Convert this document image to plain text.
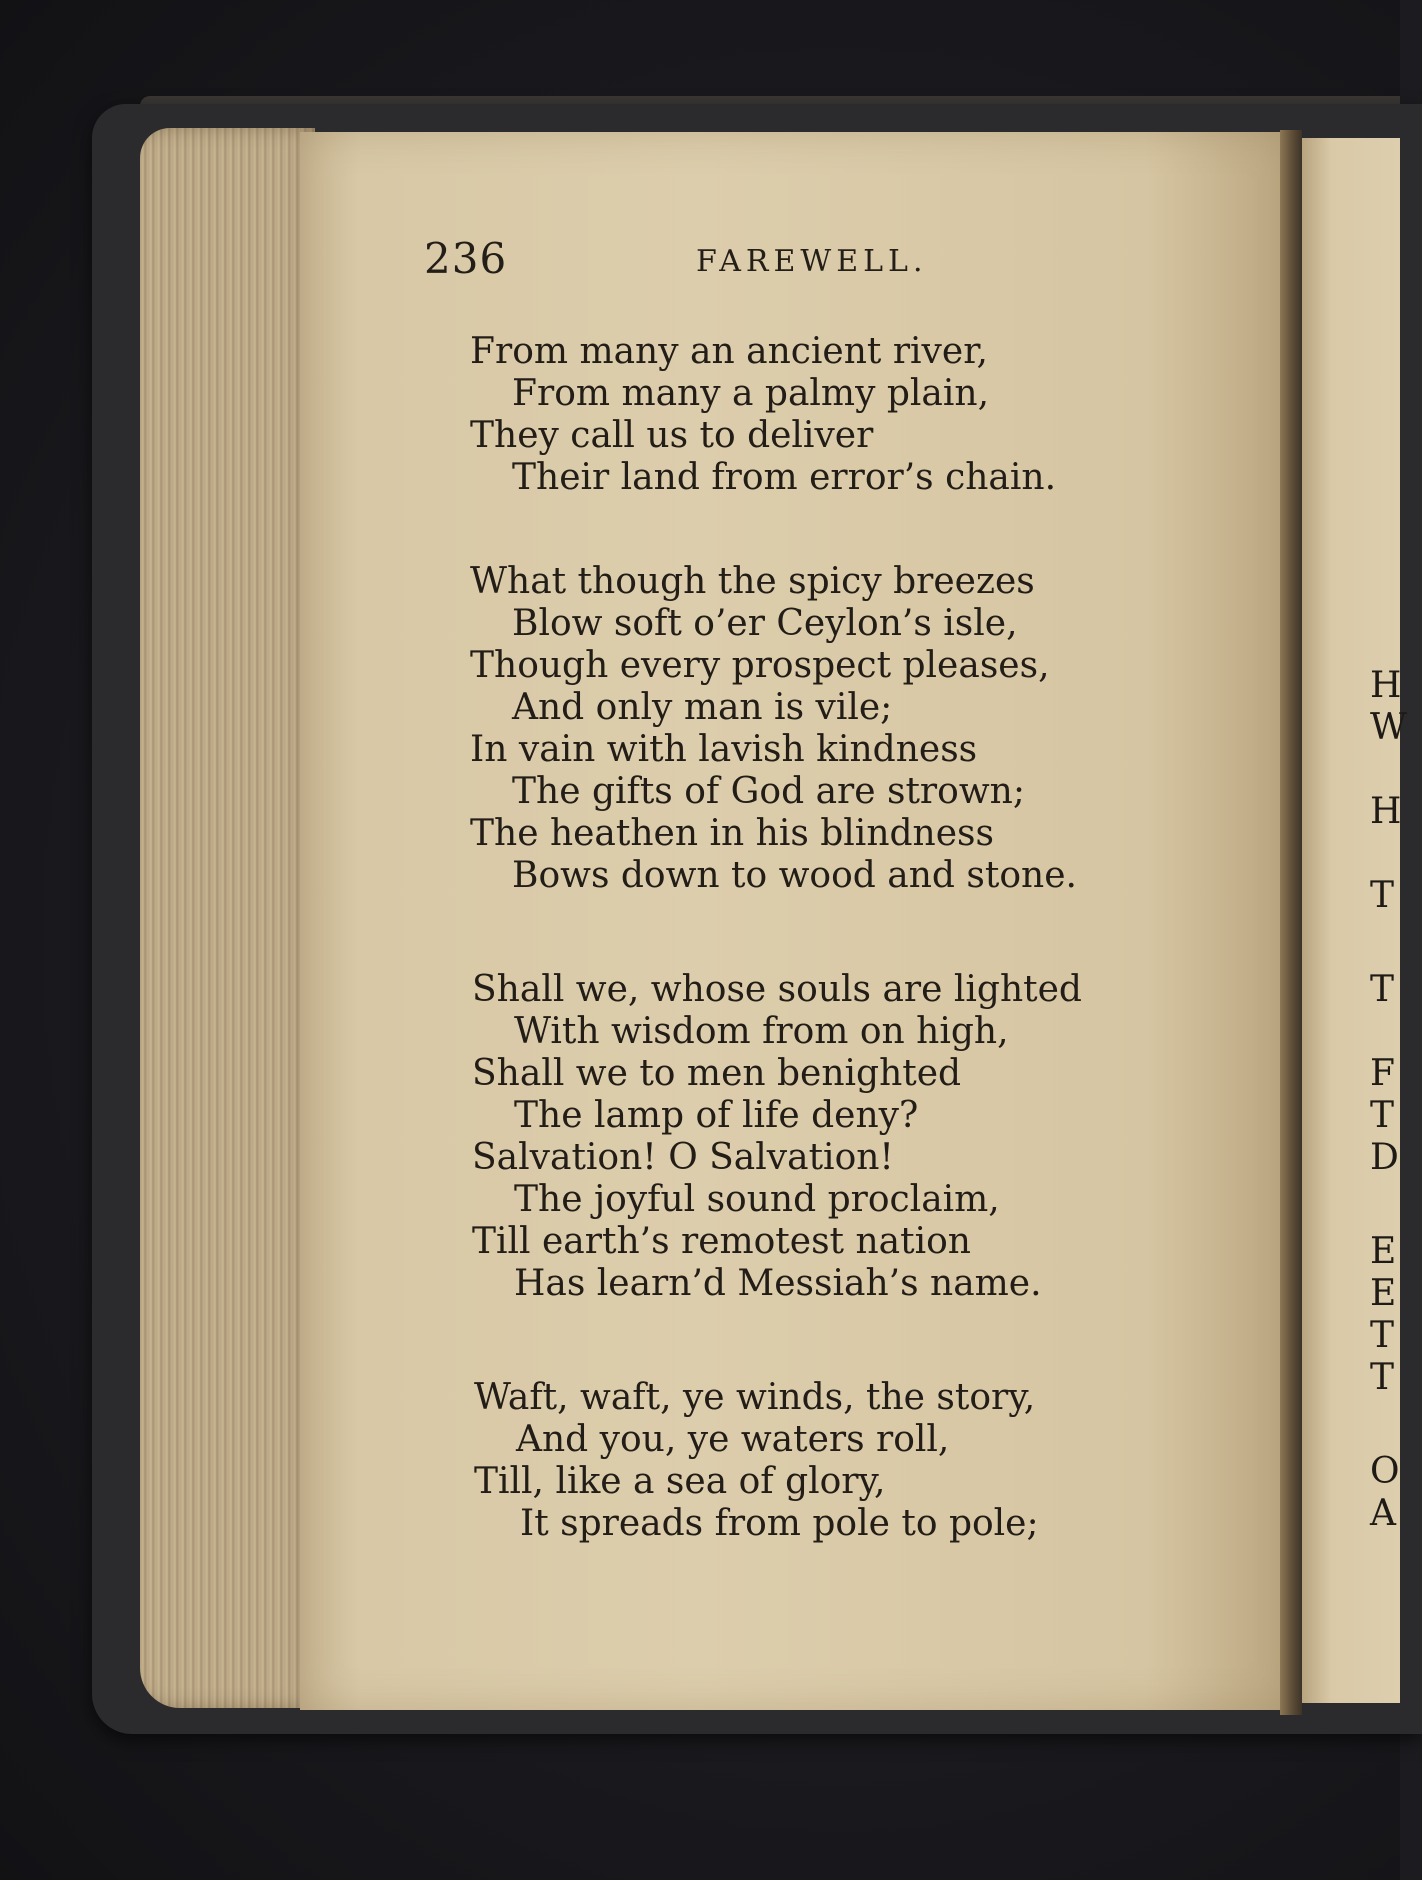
236	FAREWELL.
From many an ancient river,
From many a palmy plain,
They call us to deliver
Their land from error’s chain.
What though the spicy breezes
Blow soft o’er Ceylon’s isle,
Though every prospect pleases,
And only man is vile;
In vain with lavish kindness
The gifts of God are strown;
The heathen in his blindness
Bows down to wood and stone.
Shall we, whose souls are lighted
With wisdom from on high,
Shall we to men benighted
The lamp of life deny?
Salvation! O Salvation!
The joyful sound proclaim,
Till earth’s remotest nation
Has learn’d Messiah’s name.
Waft, waft, ye winds, the story,
And you, ye waters roll,
Till, like a sea of glory,
It spreads from pole to pole;
H
W
H
T
T
F
T
D
E
E
T
T
O
A
